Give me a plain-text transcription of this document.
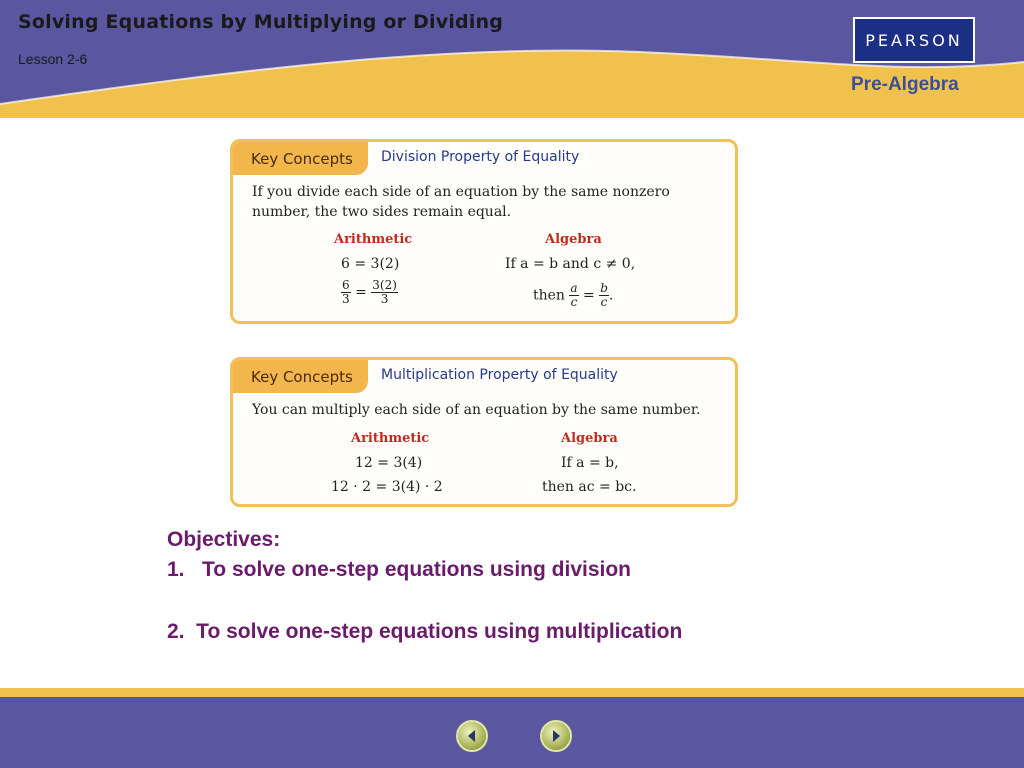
Solving Equations by Multiplying or Dividing
Lesson 2-6
PEARSON
Pre-Algebra
Key Concepts	Division Property of Equality
If you divide each side of an equation by the same nonzero
number, the two sides remain equal.
Arithmetic	Algebra
6 = 3(2)	If a = b and c ≠ 0,
$\frac{6}{3} = \frac{3(2)}{3}$	then $\frac{a}{c} = \frac{b}{c}$ .
Key Concepts	Multiplication Property of Equality
You can multiply each side of an equation by the same number.
Arithmetic	Algebra
12 = 3(4)	If a = b,
12 · 2 = 3(4) · 2	then ac = bc.
Objectives:
1.   To solve one-step equations using division
2.  To solve one-step equations using multiplication
